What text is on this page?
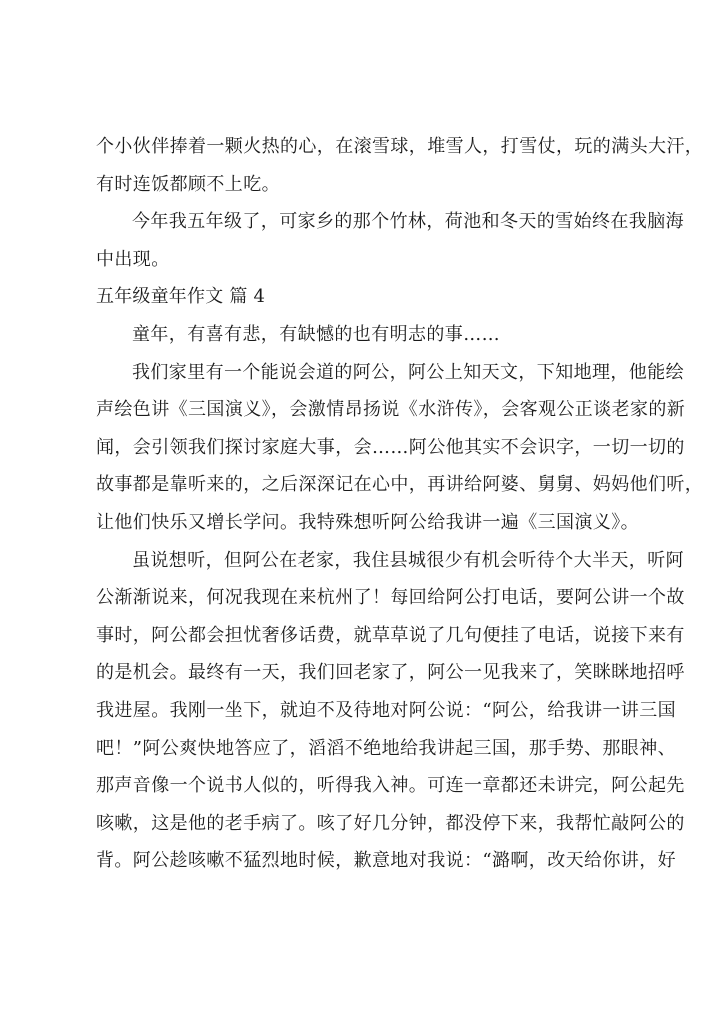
个小伙伴捧着一颗火热的心，在滚雪球，堆雪人，打雪仗，玩的满头大汗，
有时连饭都顾不上吃。
今年我五年级了，可家乡的那个竹林，荷池和冬天的雪始终在我脑海
中出现。
五年级童年作文 篇 4
童年，有喜有悲，有缺憾的也有明志的事……
我们家里有一个能说会道的阿公，阿公上知天文，下知地理，他能绘
声绘色讲《三国演义》，会激情昂扬说《水浒传》，会客观公正谈老家的新
闻，会引领我们探讨家庭大事，会……阿公他其实不会识字，一切一切的
故事都是靠听来的，之后深深记在心中，再讲给阿婆、舅舅、妈妈他们听，
让他们快乐又增长学问。我特殊想听阿公给我讲一遍《三国演义》。
虽说想听，但阿公在老家，我住县城很少有机会听待个大半天，听阿
公渐渐说来，何况我现在来杭州了！每回给阿公打电话，要阿公讲一个故
事时，阿公都会担忧奢侈话费，就草草说了几句便挂了电话，说接下来有
的是机会。最终有一天，我们回老家了，阿公一见我来了，笑眯眯地招呼
我进屋。我刚一坐下，就迫不及待地对阿公说：“阿公，给我讲一讲三国
吧！”阿公爽快地答应了，滔滔不绝地给我讲起三国，那手势、那眼神、
那声音像一个说书人似的，听得我入神。可连一章都还未讲完，阿公起先
咳嗽，这是他的老手病了。咳了好几分钟，都没停下来，我帮忙敲阿公的
背。阿公趁咳嗽不猛烈地时候，歉意地对我说：“潞啊，改天给你讲，好
